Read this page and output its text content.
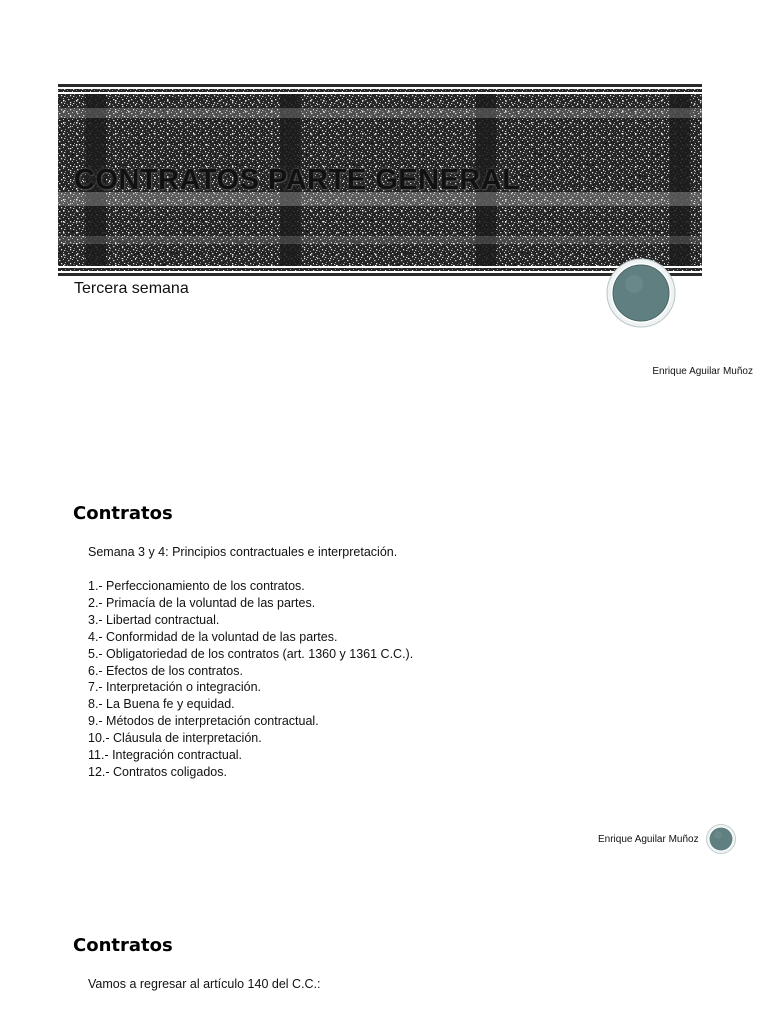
CONTRATOS PARTE GENERAL
Tercera semana
Enrique Aguilar Muñoz
Contratos
Semana 3 y 4: Principios contractuales e interpretación.
1.- Perfeccionamiento de los contratos.
2.- Primacía de la voluntad de las partes.
3.- Libertad contractual.
4.- Conformidad de la voluntad de las partes.
5.- Obligatoriedad de los contratos (art. 1360 y 1361 C.C.).
6.- Efectos de los contratos.
7.- Interpretación o integración.
8.- La Buena fe y equidad.
9.- Métodos de interpretación contractual.
10.- Cláusula de interpretación.
11.- Integración contractual.
12.- Contratos coligados.
Enrique Aguilar Muñoz
Contratos
Vamos a regresar al artículo 140 del C.C.:
